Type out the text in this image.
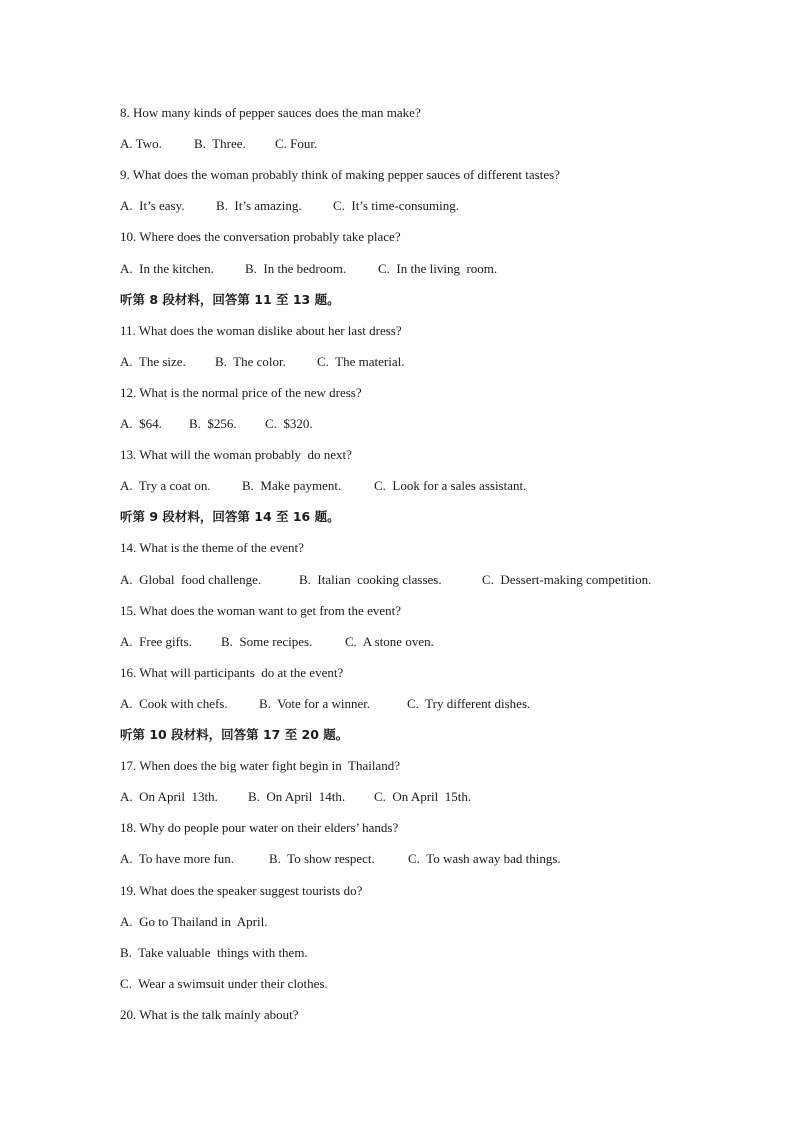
8. How many kinds of pepper sauces does the man make?
A. Two. B.  Three. C. Four.
9. What does the woman probably think of making pepper sauces of different tastes?
A.  It’s easy. B.  It’s amazing. C.  It’s time-consuming.
10. Where does the conversation probably take place?
A.  In the kitchen. B.  In the bedroom. C.  In the living  room.
听第 8 段材料，回答第 11 至 13 题。
11. What does the woman dislike about her last dress?
A.  The size. B.  The color. C.  The material.
12. What is the normal price of the new dress?
A.  $64. B.  $256. C.  $320.
13. What will the woman probably  do next?
A.  Try a coat on. B.  Make payment.	C.  Look for a sales assistant.
听第 9 段材料，回答第 14 至 16 题。
14. What is the theme of the event?
A.  Global  food challenge.	B.  Italian  cooking classes.	C.  Dessert-making competition.
15. What does the woman want to get from the event?
A.  Free gifts. B.  Some recipes.	C.  A stone oven.
16. What will participants  do at the event?
A.  Cook with chefs. B.  Vote for a winner.	C.  Try different dishes.
听第 10 段材料，回答第 17 至 20 题。
17. When does the big water fight begin in  Thailand?
A.  On April  13th. B.  On April  14th. C.  On April  15th.
18. Why do people pour water on their elders’ hands?
A.  To have more fun.	B.  To show respect.	C.  To wash away bad things.
19. What does the speaker suggest tourists do?
A.  Go to Thailand in  April.
B.  Take valuable  things with them.
C.  Wear a swimsuit under their clothes.
20. What is the talk mainly about?
